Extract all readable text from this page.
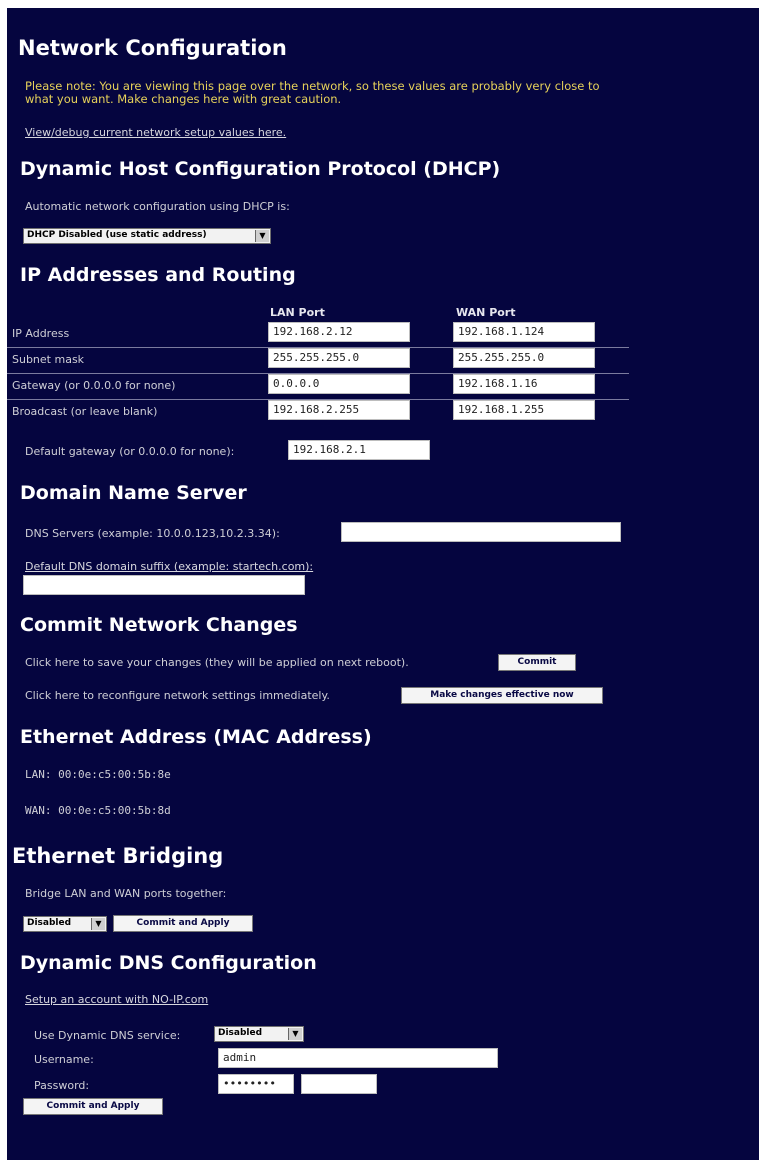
Network Configuration
Please note: You are viewing this page over the network, so these values are probably very close to what you want. Make changes here with great caution.
View/debug current network setup values here.
Dynamic Host Configuration Protocol (DHCP)
Automatic network configuration using DHCP is:
DHCP Disabled (use static address)	▼
IP Addresses and Routing
LAN Port	WAN Port
IP Address	192.168.2.12	192.168.1.124
Subnet mask	255.255.255.0	255.255.255.0
Gateway (or 0.0.0.0 for none)	0.0.0.0	192.168.1.16
Broadcast (or leave blank)	192.168.2.255	192.168.1.255
Default gateway (or 0.0.0.0 for none):	192.168.2.1
Domain Name Server
DNS Servers (example: 10.0.0.123,10.2.3.34):
Default DNS domain suffix (example: startech.com):
Commit Network Changes
Click here to save your changes (they will be applied on next reboot).	Commit
Click here to reconfigure network settings immediately.	Make changes effective now
Ethernet Address (MAC Address)
LAN: 00:0e:c5:00:5b:8e
WAN: 00:0e:c5:00:5b:8d
Ethernet Bridging
Bridge LAN and WAN ports together:
Disabled	▼	Commit and Apply
Dynamic DNS Configuration
Setup an account with NO-IP.com
Use Dynamic DNS service:	Disabled	▼
Username:	admin
Password:	••••••••
Commit and Apply
